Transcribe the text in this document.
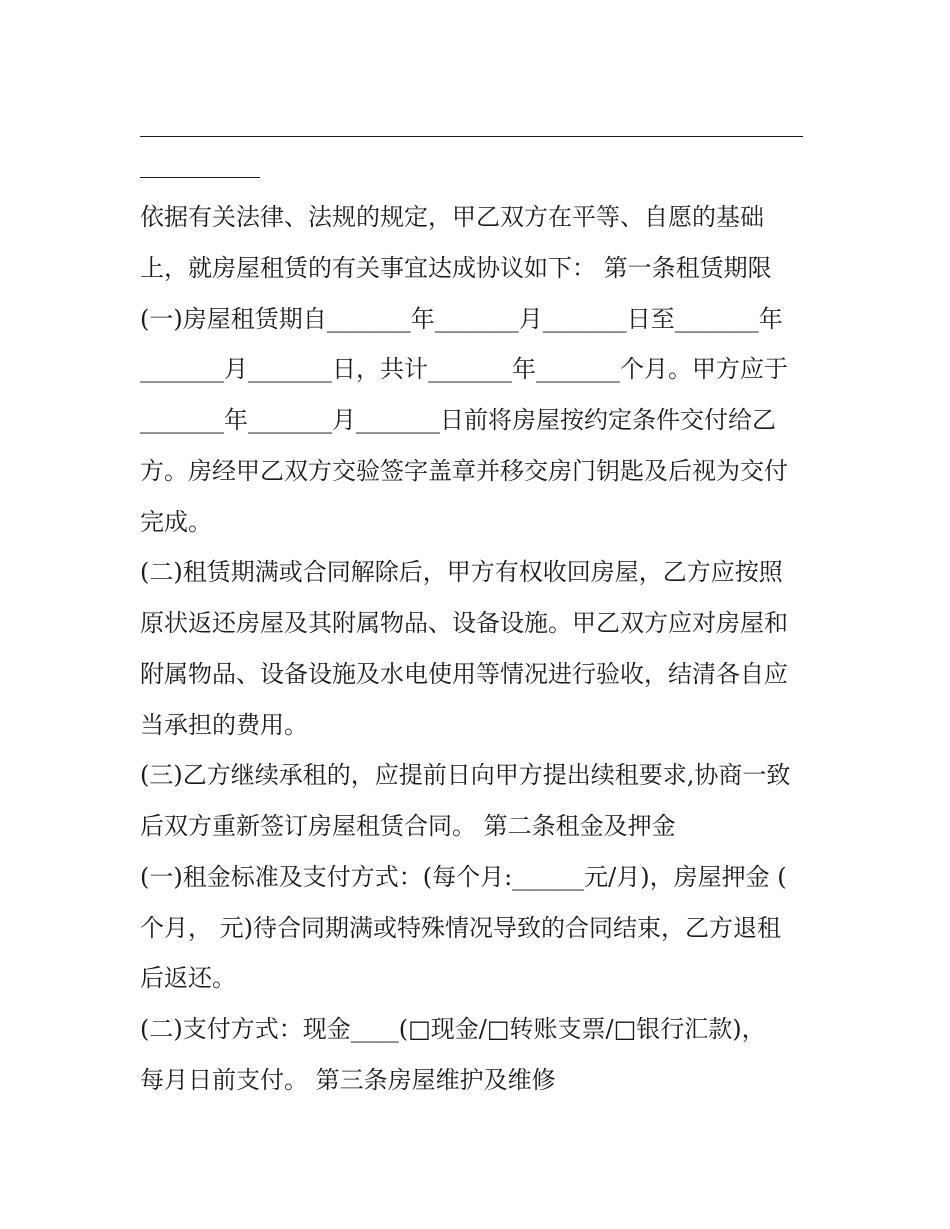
依据有关法律、法规的规定，甲乙双方在平等、自愿的基础
上，就房屋租赁的有关事宜达成协议如下： 第一条租赁期限
(一)房屋租赁期自_______年_______月_______日至_______年
_______月_______日，共计_______年_______个月。甲方应于
_______年_______月_______日前将房屋按约定条件交付给乙
方。房经甲乙双方交验签字盖章并移交房门钥匙及后视为交付
完成。
(二)租赁期满或合同解除后，甲方有权收回房屋，乙方应按照
原状返还房屋及其附属物品、设备设施。甲乙双方应对房屋和
附属物品、设备设施及水电使用等情况进行验收，结清各自应
当承担的费用。
(三)乙方继续承租的，应提前日向甲方提出续租要求,协商一致
后双方重新签订房屋租赁合同。 第二条租金及押金
(一)租金标准及支付方式：(每个月:______元/月)，房屋押金 (
个月， 元)待合同期满或特殊情况导致的合同结束，乙方退租
后返还。
(二)支付方式：现金____(□现金/□转账支票/□银行汇款)，
每月日前支付。 第三条房屋维护及维修
